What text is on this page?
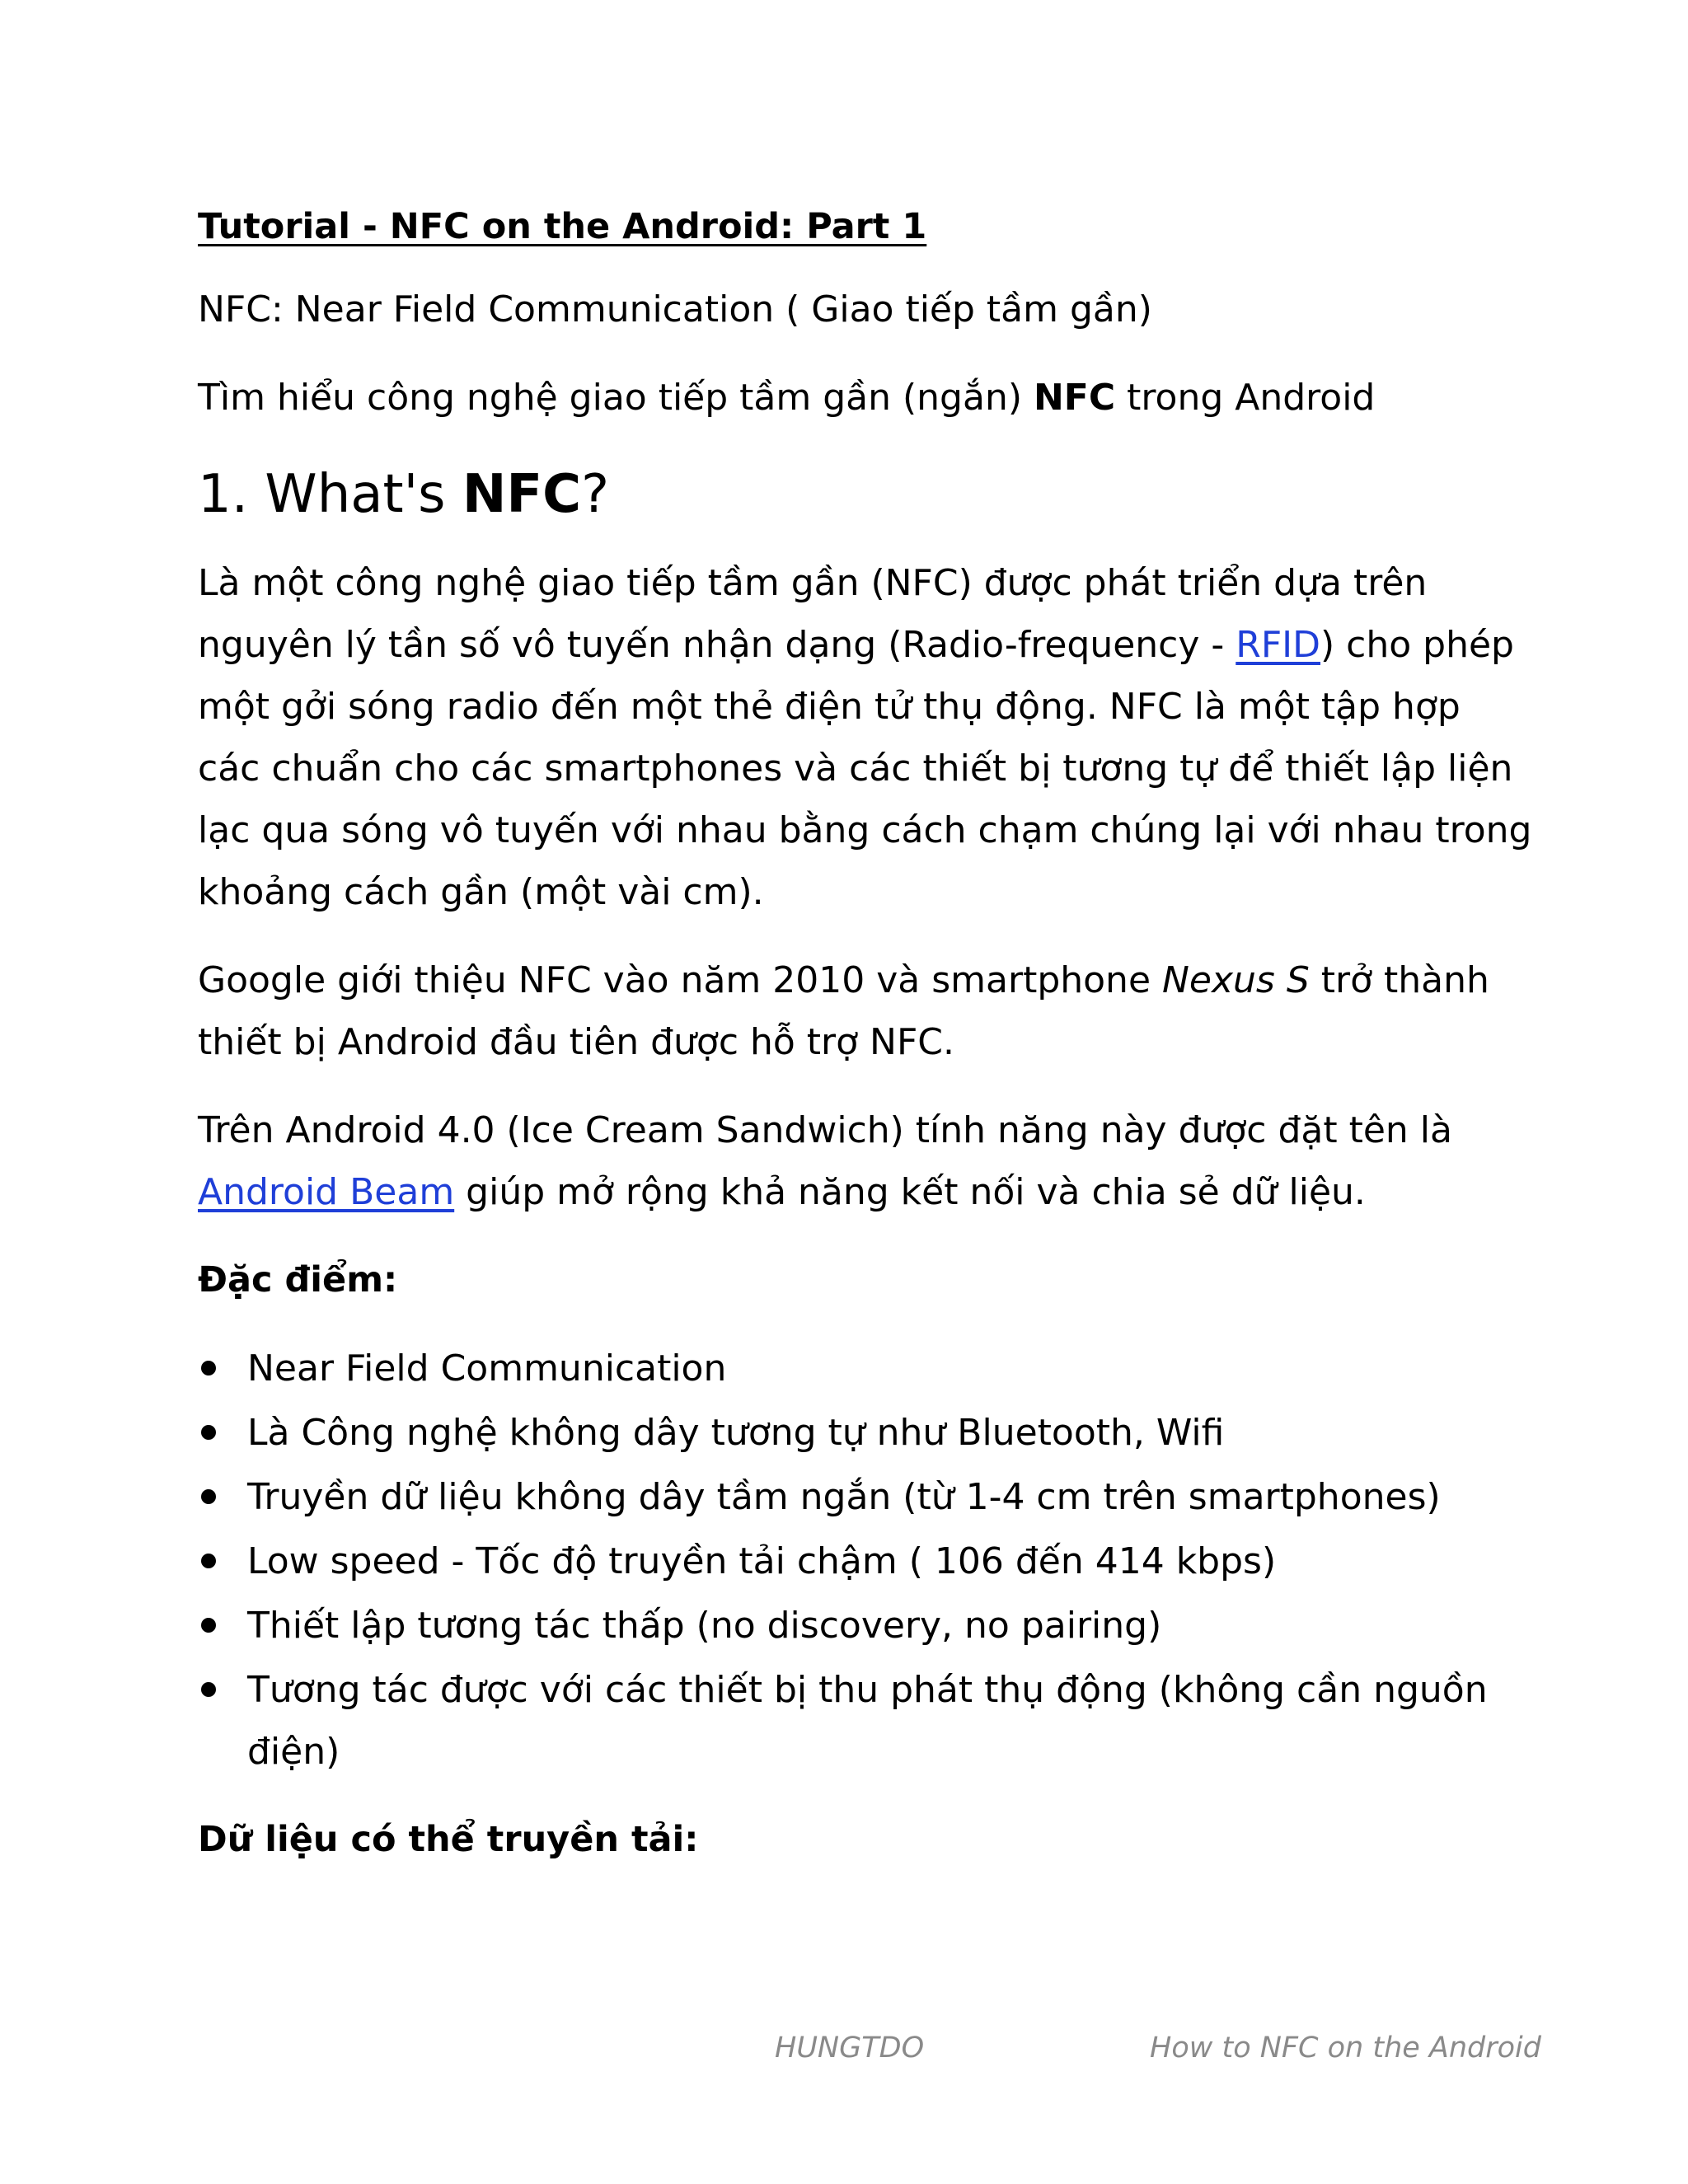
Tutorial - NFC on the Android: Part 1
NFC: Near Field Communication ( Giao tiếp tầm gần)
Tìm hiểu công nghệ giao tiếp tầm gần (ngắn) NFC trong Android
1. What's NFC?
Là một công nghệ giao tiếp tầm gần (NFC) được phát triển dựa trên nguyên lý tần số vô tuyến nhận dạng (Radio-frequency - RFID) cho phép một gởi sóng radio đến một thẻ điện tử thụ động. NFC là một tập hợp các chuẩn cho các smartphones và các thiết bị tương tự để thiết lập liện lạc qua sóng vô tuyến với nhau bằng cách chạm chúng lại với nhau trong khoảng cách gần (một vài cm).
Google giới thiệu NFC vào năm 2010 và smartphone Nexus S trở thành thiết bị Android đầu tiên được hỗ trợ NFC.
Trên Android 4.0 (Ice Cream Sandwich) tính năng này được đặt tên là Android Beam giúp mở rộng khả năng kết nối và chia sẻ dữ liệu.
Đặc điểm:
Near Field Communication
Là Công nghệ không dây tương tự như Bluetooth, Wifi
Truyền dữ liệu không dây tầm ngắn (từ 1-4 cm trên smartphones)
Low speed - Tốc độ truyền tải chậm ( 106 đến 414 kbps)
Thiết lập tương tác thấp (no discovery, no pairing)
Tương tác được với các thiết bị thu phát thụ động (không cần nguồn điện)
Dữ liệu có thể truyền tải:
HUNGTDO	How to NFC on the Android
